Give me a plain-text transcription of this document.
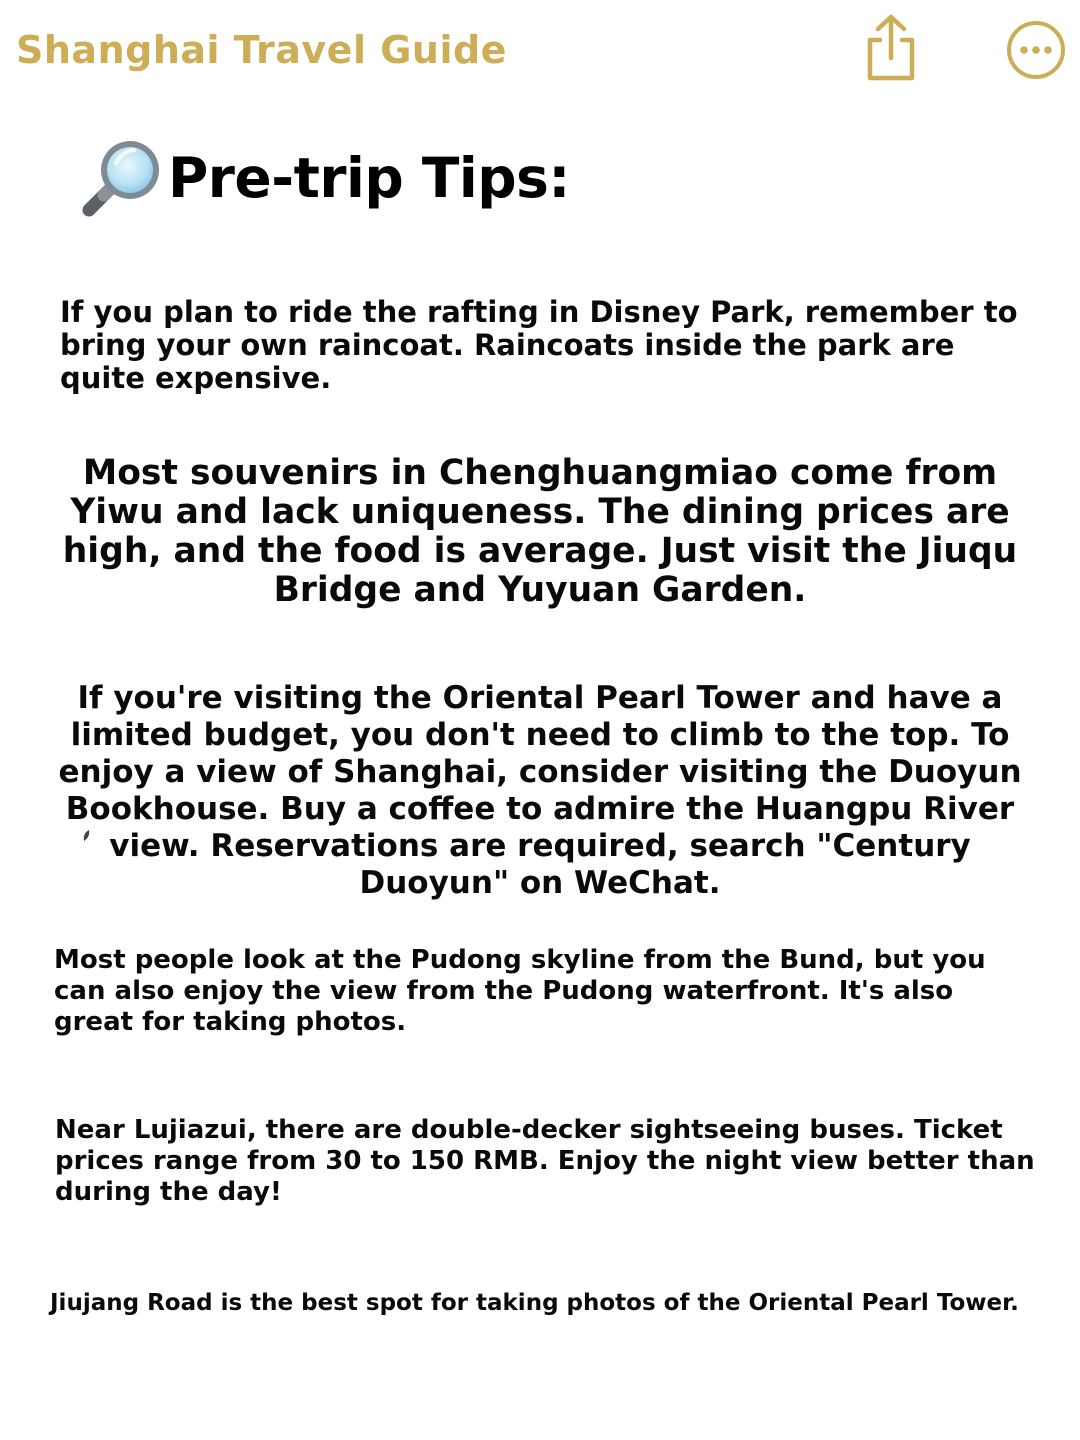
Shanghai Travel Guide
Pre-trip Tips:

If you plan to ride the rafting in Disney Park, remember to bring your own raincoat. Raincoats inside the park are quite expensive.

Most souvenirs in Chenghuangmiao come from Yiwu and lack uniqueness. The dining prices are high, and the food is average. Just visit the Jiuqu Bridge and Yuyuan Garden.

If you're visiting the Oriental Pearl Tower and have a limited budget, you don't need to climb to the top. To enjoy a view of Shanghai, consider visiting the Duoyun Bookhouse. Buy a coffee to admire the Huangpu River view. Reservations are required, search "Century Duoyun" on WeChat.

Most people look at the Pudong skyline from the Bund, but you can also enjoy the view from the Pudong waterfront. It's also great for taking photos.

Near Lujiazui, there are double-decker sightseeing buses. Ticket prices range from 30 to 150 RMB. Enjoy the night view better than during the day!

Jiujang Road is the best spot for taking photos of the Oriental Pearl Tower.
